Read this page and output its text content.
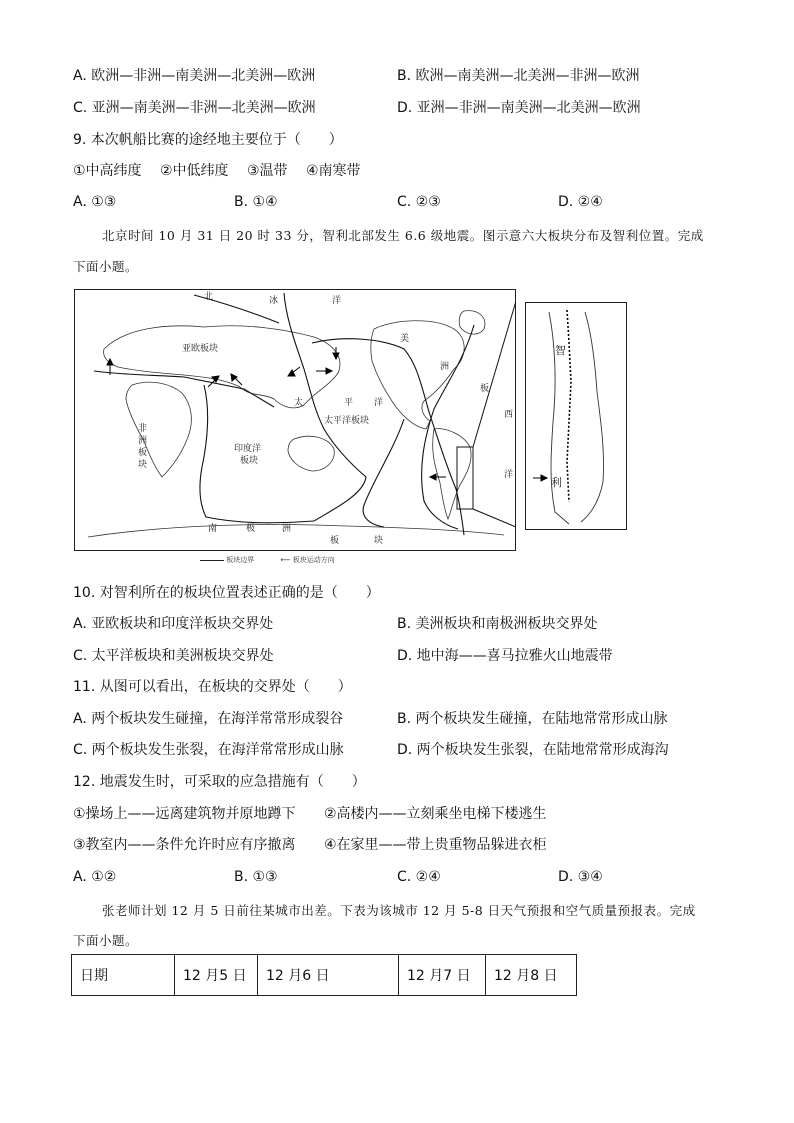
A. 欧洲—非洲—南美洲—北美洲—欧洲	B. 欧洲—南美洲—北美洲—非洲—欧洲
C. 亚洲—南美洲—非洲—北美洲—欧洲	D. 亚洲—非洲—南美洲—北美洲—欧洲
9. 本次帆船比赛的途经地主要位于（　　）
①中高纬度　 ②中低纬度　 ③温带　 ④南寒带
A. ①③	B. ①④	C. ②③	D. ②④
北京时间 10 月 31 日 20 时 33 分，智利北部发生 6.6 级地震。图示意六大板块分布及智利位置。完成
下面小题。
北	冰	洋
亚欧板块
美
洲
板
太	平 洋
太平洋板块
非
洲
板
块
印度洋
板块
西
洋
南	极	洲
板	块
智
利
板块边界	⟵ 板块运动方向
10. 对智利所在的板块位置表述正确的是（　　）
A. 亚欧板块和印度洋板块交界处	B. 美洲板块和南极洲板块交界处
C. 太平洋板块和美洲板块交界处	D. 地中海——喜马拉雅火山地震带
11. 从图可以看出，在板块的交界处（　　）
A. 两个板块发生碰撞，在海洋常常形成裂谷	B. 两个板块发生碰撞，在陆地常常形成山脉
C. 两个板块发生张裂，在海洋常常形成山脉	D. 两个板块发生张裂，在陆地常常形成海沟
12. 地震发生时，可采取的应急措施有（　　）
①操场上——远离建筑物并原地蹲下 ②高楼内——立刻乘坐电梯下楼逃生
③教室内——条件允许时应有序撤离 ④在家里——带上贵重物品躲进衣柜
A. ①②	B. ①③	C. ②④	D. ③④
张老师计划 12 月 5 日前往某城市出差。下表为该城市 12 月 5-8 日天气预报和空气质量预报表。完成
下面小题。
日期	12 月5 日	12 月6 日	12 月7 日	12 月8 日
